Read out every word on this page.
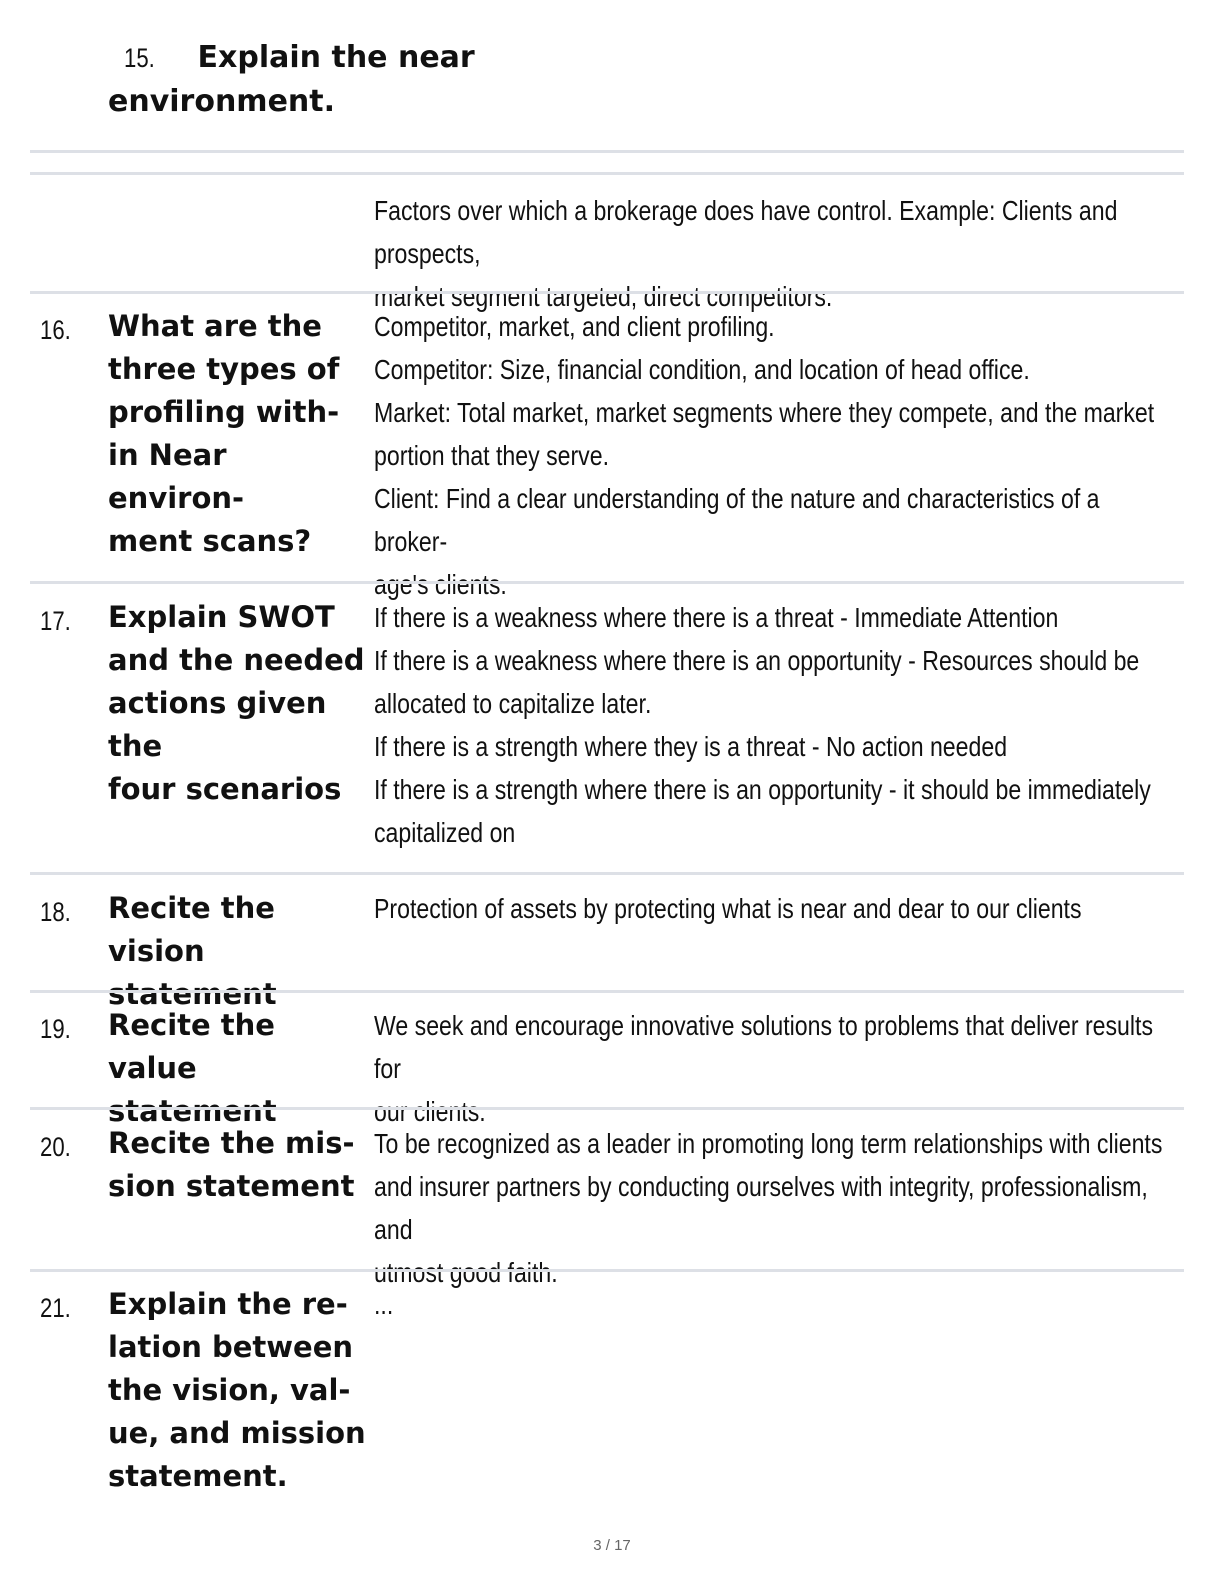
15. Explain the near environment.
Factors over which a brokerage does have control. Example: Clients and prospects,
market segment targeted, direct competitors.
16. What are the
three types of
profiling with-
in Near environ-
ment scans?
Competitor, market, and client profiling.
Competitor: Size, financial condition, and location of head office.
Market: Total market, market segments where they compete, and the market
portion that they serve.
Client: Find a clear understanding of the nature and characteristics of a broker-
age's clients.
17. Explain SWOT
and the needed
actions given the
four scenarios
If there is a weakness where there is a threat - Immediate Attention
If there is a weakness where there is an opportunity - Resources should be
allocated to capitalize later.
If there is a strength where they is a threat - No action needed
If there is a strength where there is an opportunity - it should be immediately
capitalized on
18. Recite the vision
statement
Protection of assets by protecting what is near and dear to our clients
19. Recite the value
statement
We seek and encourage innovative solutions to problems that deliver results for
our clients.
20. Recite the mis-
sion statement
To be recognized as a leader in promoting long term relationships with clients
and insurer partners by conducting ourselves with integrity, professionalism, and
utmost good faith.
21. Explain the re-
lation between
the vision, val-
ue, and mission
statement.
...
3 / 17
